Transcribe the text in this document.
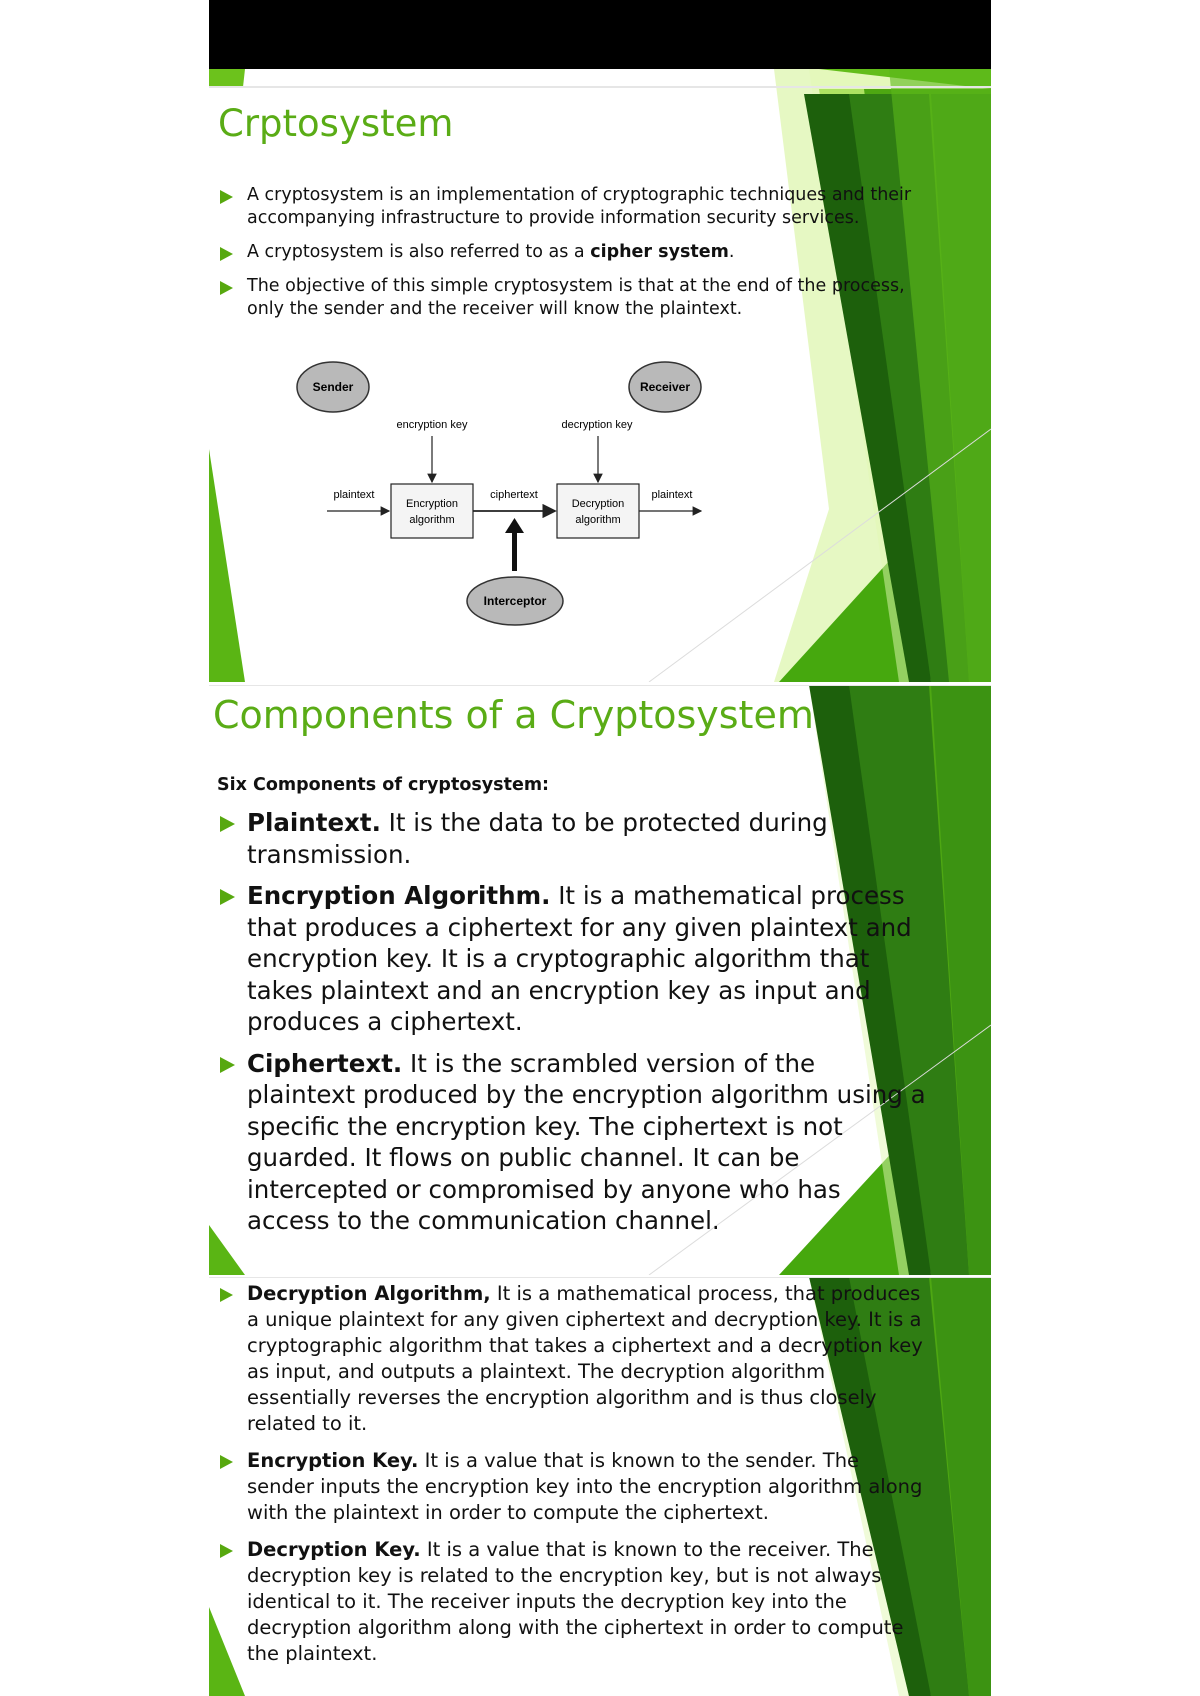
Crptosystem
A cryptosystem is an implementation of cryptographic techniques and their accompanying infrastructure to provide information security services.
A cryptosystem is also referred to as a cipher system.
The objective of this simple cryptosystem is that at the end of the process, only the sender and the receiver will know the plaintext.
Sender	Receiver
encryption key	decryption key
Encryption
algorithm
Decryption
algorithm
plaintext	ciphertext	plaintext
Interceptor
Components of a Cryptosystem
Six Components of cryptosystem:
Plaintext. It is the data to be protected during transmission.
Encryption Algorithm. It is a mathematical process that produces a ciphertext for any given plaintext and encryption key. It is a cryptographic algorithm that takes plaintext and an encryption key as input and produces a ciphertext.
Ciphertext. It is the scrambled version of the plaintext produced by the encryption algorithm using a specific the encryption key. The ciphertext is not guarded. It flows on public channel. It can be intercepted or compromised by anyone who has access to the communication channel.
Decryption Algorithm, It is a mathematical process, that produces a unique plaintext for any given ciphertext and decryption key. It is a cryptographic algorithm that takes a ciphertext and a decryption key as input, and outputs a plaintext. The decryption algorithm essentially reverses the encryption algorithm and is thus closely related to it.
Encryption Key. It is a value that is known to the sender. The sender inputs the encryption key into the encryption algorithm along with the plaintext in order to compute the ciphertext.
Decryption Key. It is a value that is known to the receiver. The decryption key is related to the encryption key, but is not always identical to it. The receiver inputs the decryption key into the decryption algorithm along with the ciphertext in order to compute the plaintext.
